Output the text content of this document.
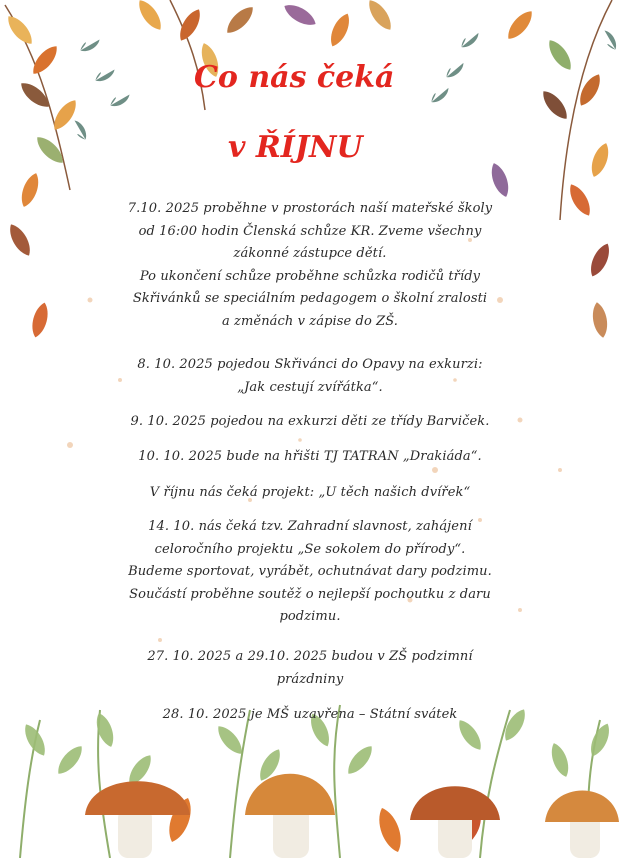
Co nás čeká
v ŘÍJNU
7.10. 2025 proběhne v prostorách naší mateřské školy
od 16:00 hodin Členská schůze KR. Zveme všechny
zákonné zástupce dětí.
Po ukončení schůze proběhne schůzka rodičů třídy
Skřivánků se speciálním pedagogem o školní zralosti
a změnách v zápise do ZŠ.
8. 10. 2025 pojedou Skřivánci do Opavy na exkurzi:
„Jak cestují zvířátka“.
9. 10. 2025 pojedou na exkurzi děti ze třídy Barviček.
10. 10. 2025 bude na hřišti TJ TATRAN „Drakiáda“.
V říjnu nás čeká projekt: „U těch našich dvířek“
14. 10. nás čeká tzv. Zahradní slavnost, zahájení
celoročního projektu „Se sokolem do přírody“.
Budeme sportovat, vyrábět, ochutnávat dary podzimu.
Součástí proběhne soutěž o nejlepší pochoutku z daru
podzimu.
27. 10. 2025 a 29.10. 2025 budou v ZŠ podzimní
prázdniny
28. 10. 2025 je MŠ uzavřena – Státní svátek
